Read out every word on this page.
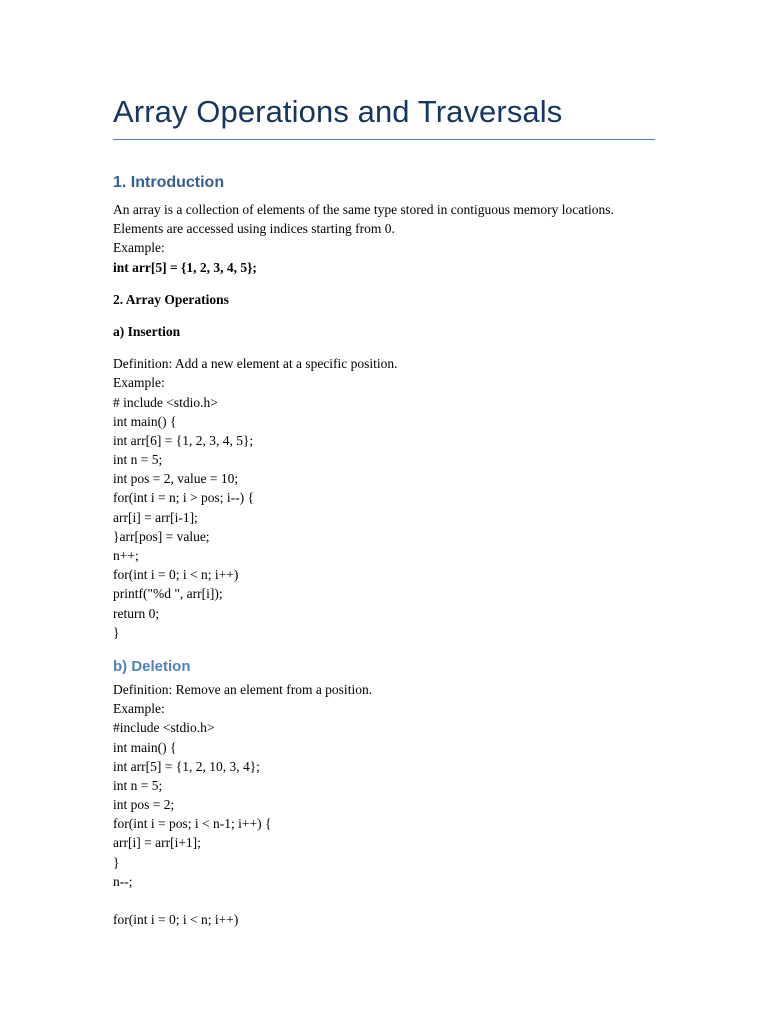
Array Operations and Traversals
1. Introduction
An array is a collection of elements of the same type stored in contiguous memory locations.
Elements are accessed using indices starting from 0.
Example:
int arr[5] = {1, 2, 3, 4, 5};
2. Array Operations
a) Insertion
Definition: Add a new element at a specific position.
Example:
# include <stdio.h>
int main() {
int arr[6] = {1, 2, 3, 4, 5};
int n = 5;
int pos = 2, value = 10;
for(int i = n; i > pos; i--) {
arr[i] = arr[i-1];
}arr[pos] = value;
n++;
for(int i = 0; i < n; i++)
printf("%d ", arr[i]);
return 0;
}
b) Deletion
Definition: Remove an element from a position.
Example:
#include <stdio.h>
int main() {
int arr[5] = {1, 2, 10, 3, 4};
int n = 5;
int pos = 2;
for(int i = pos; i < n-1; i++) {
arr[i] = arr[i+1];
}
n--;
for(int i = 0; i < n; i++)
